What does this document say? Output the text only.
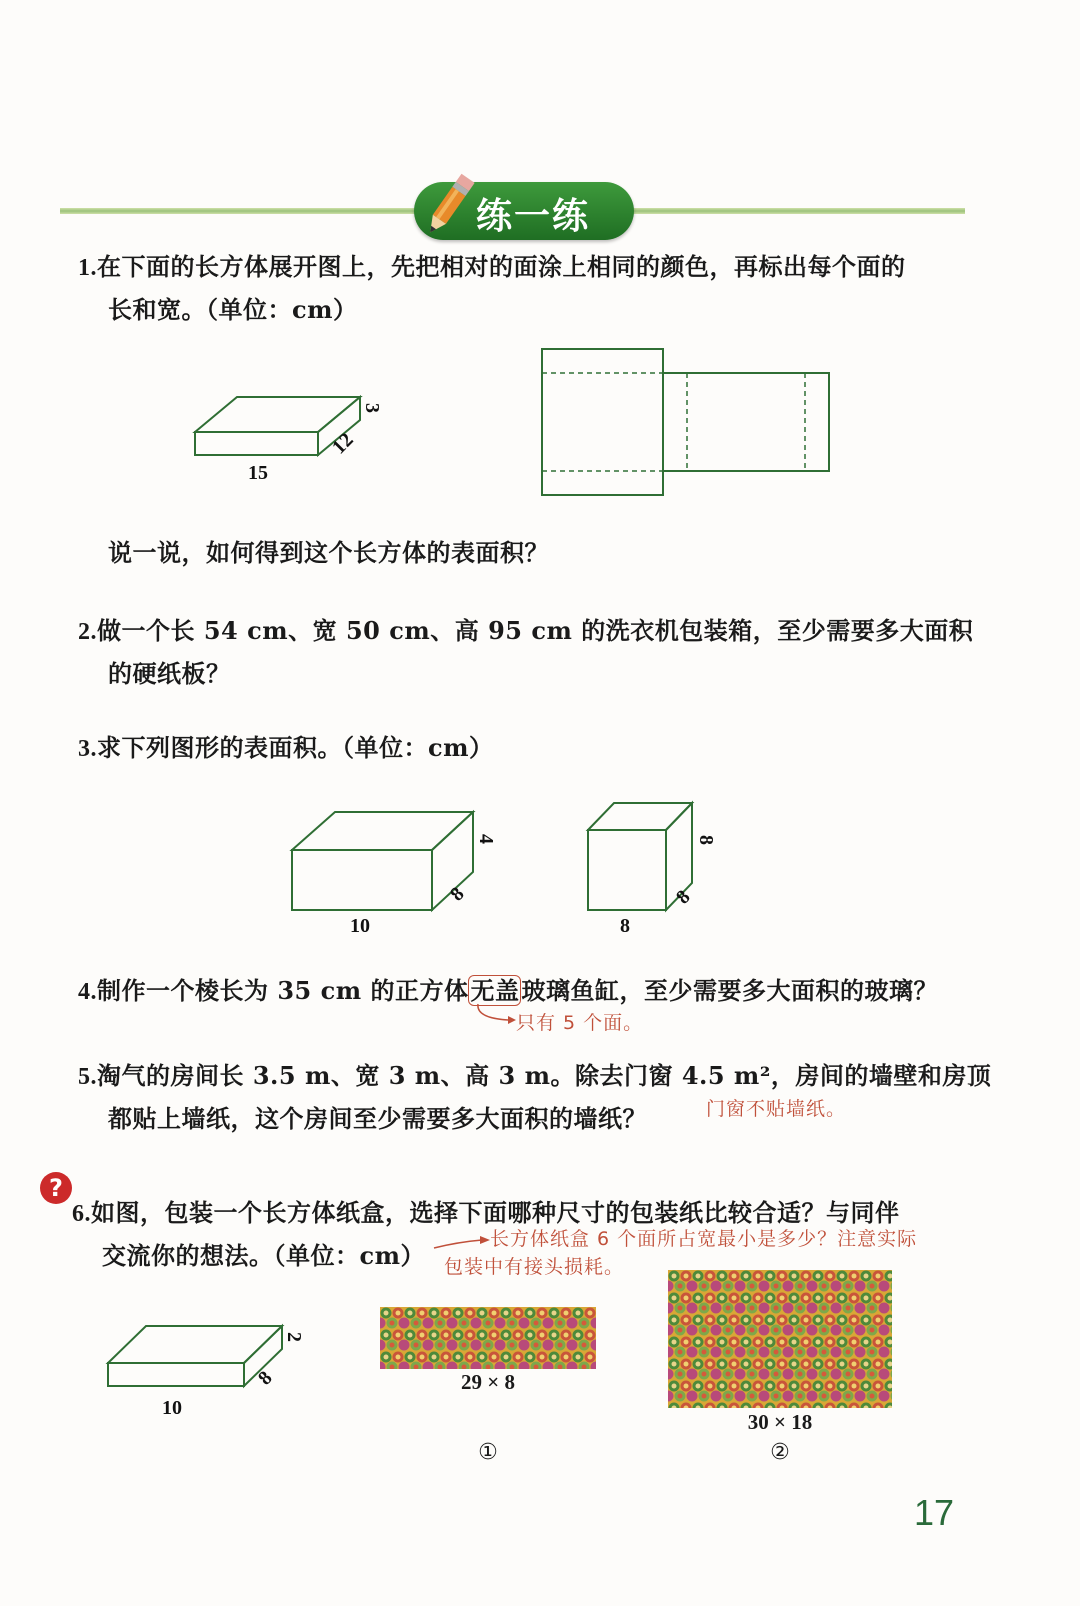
练一练
1.在下面的长方体展开图上，先把相对的面涂上相同的颜色，再标出每个面的
长和宽。（单位：cm）
15
12
3
说一说，如何得到这个长方体的表面积？
2.做一个长 54 cm、宽 50 cm、高 95 cm 的洗衣机包装箱，至少需要多大面积
的硬纸板？
3.求下列图形的表面积。（单位：cm）
10
8
4
8
8
8
4.制作一个棱长为 35 cm 的正方体无盖玻璃鱼缸，至少需要多大面积的玻璃？
只有 5 个面。
5.淘气的房间长 3.5 m、宽 3 m、高 3 m。除去门窗 4.5 m²，房间的墙壁和房顶
都贴上墙纸，这个房间至少需要多大面积的墙纸？	门窗不贴墙纸。
?
6.如图，包装一个长方体纸盒，选择下面哪种尺寸的包装纸比较合适？与同伴
交流你的想法。（单位：cm）
长方体纸盒 6 个面所占宽最小是多少？注意实际
包装中有接头损耗。
10
8
2
29 × 8
①
30 × 18
②
17
